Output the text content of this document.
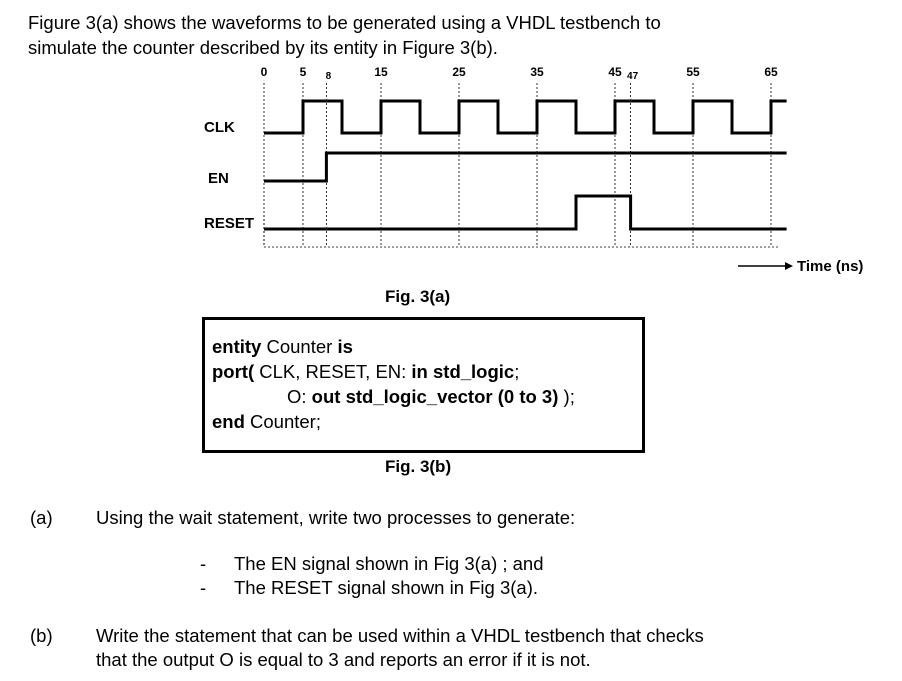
Figure 3(a) shows the waveforms to be generated using a VHDL testbench to
simulate the counter described by its entity in Figure 3(b).
0	5 8	15	25	35	45 47	55	65
CLK
EN
RESET
Time (ns)
Fig. 3(a)
entity Counter is
port( CLK, RESET, EN: in std_logic;
O: out std_logic_vector (0 to 3) );
end Counter;
Fig. 3(b)
(a) Using the wait statement, write two processes to generate:
- The EN signal shown in Fig 3(a) ; and
- The RESET signal shown in Fig 3(a).
(b) Write the statement that can be used within a VHDL testbench that checks
that the output O is equal to 3 and reports an error if it is not.
